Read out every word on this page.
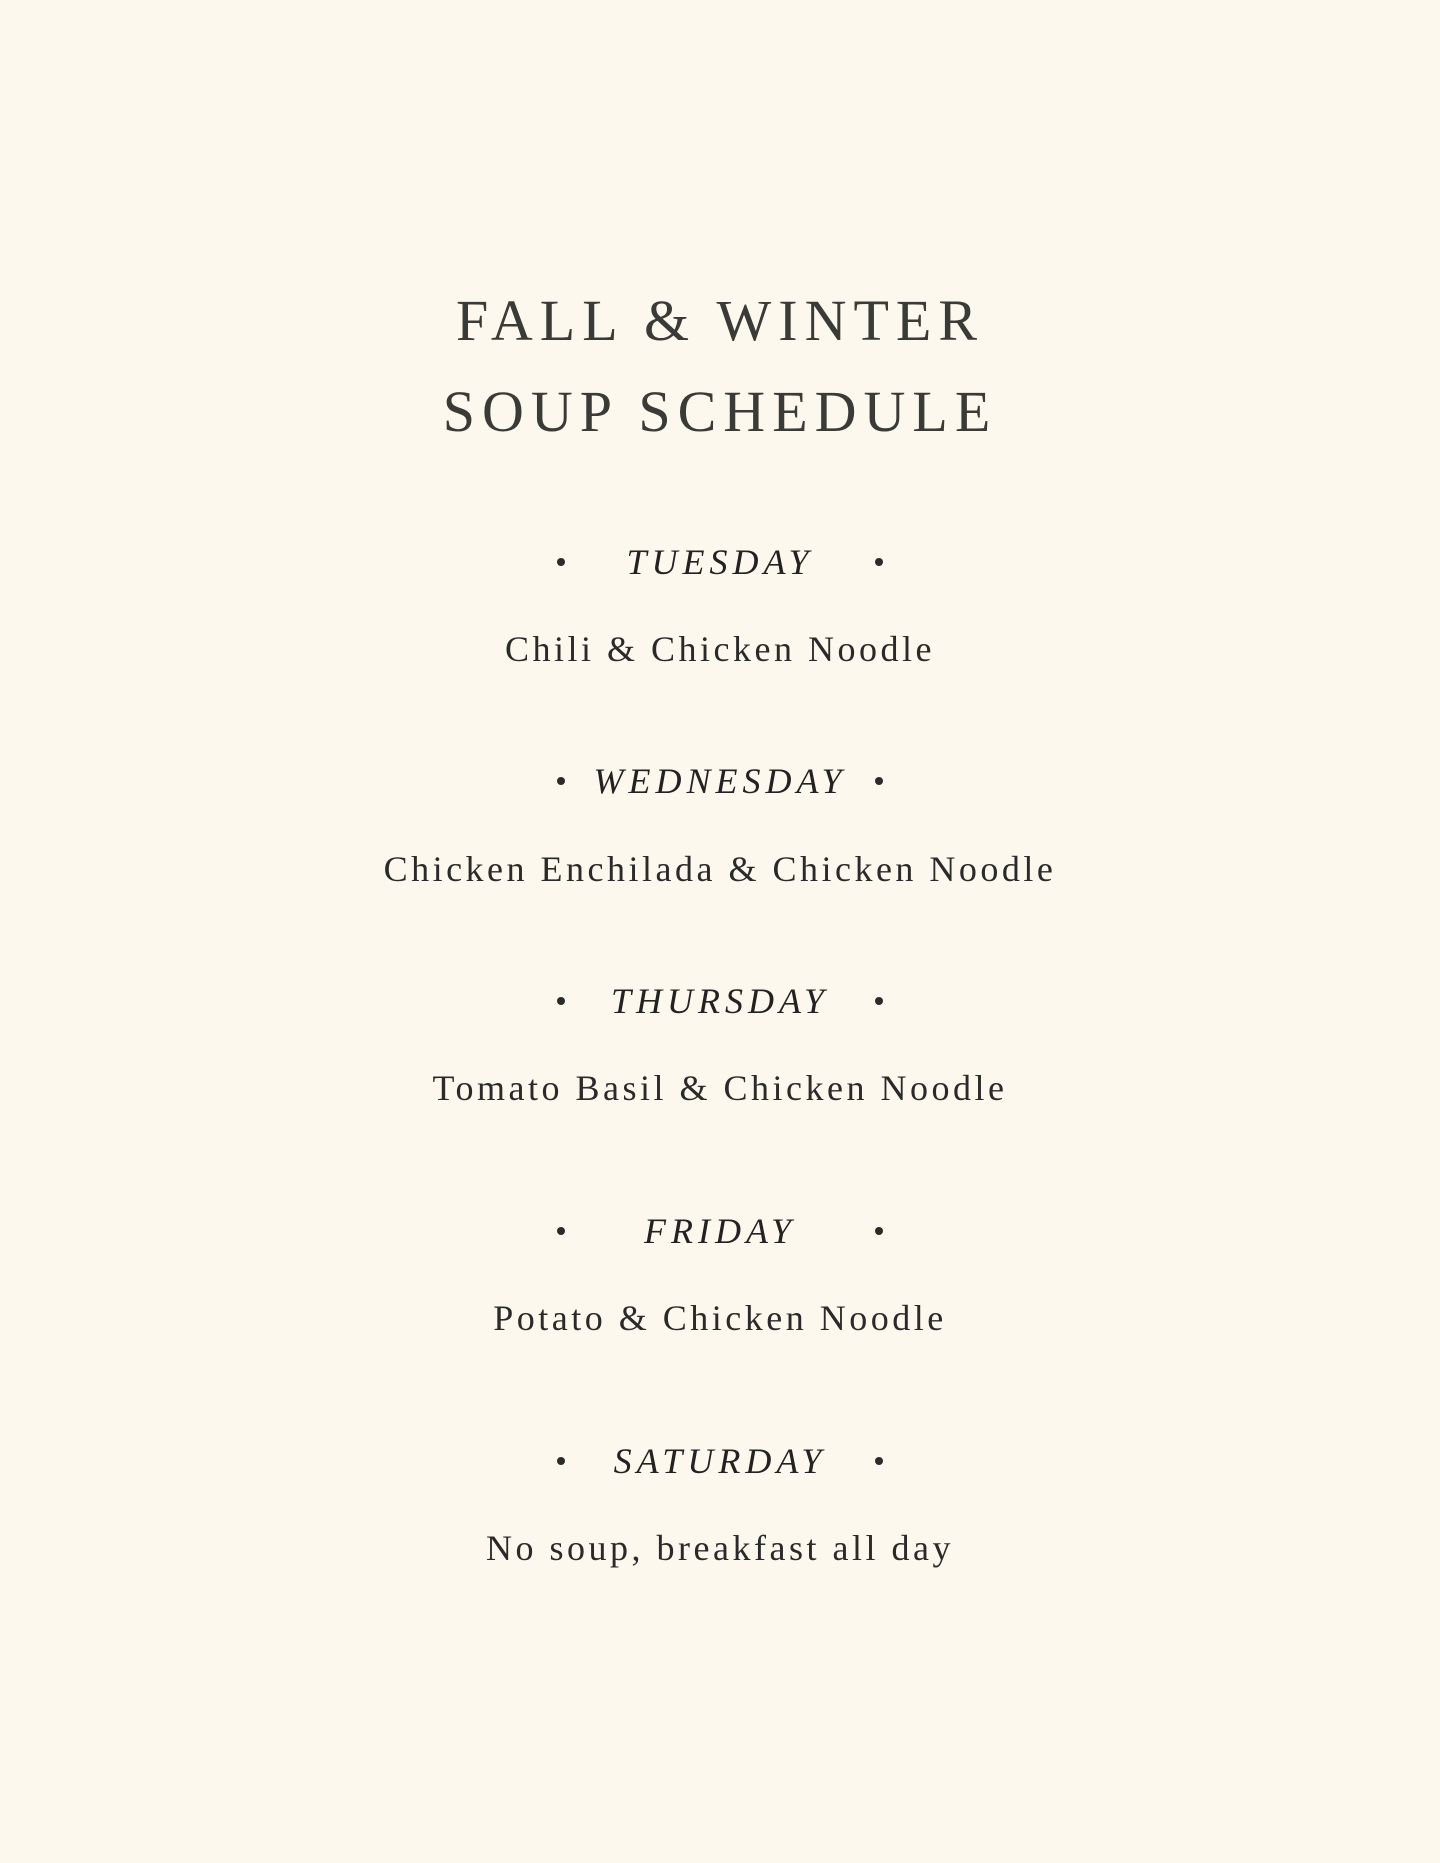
FALL & WINTER
SOUP SCHEDULE
TUESDAY
Chili & Chicken Noodle
WEDNESDAY
Chicken Enchilada & Chicken Noodle
THURSDAY
Tomato Basil & Chicken Noodle
FRIDAY
Potato & Chicken Noodle
SATURDAY
No soup, breakfast all day
